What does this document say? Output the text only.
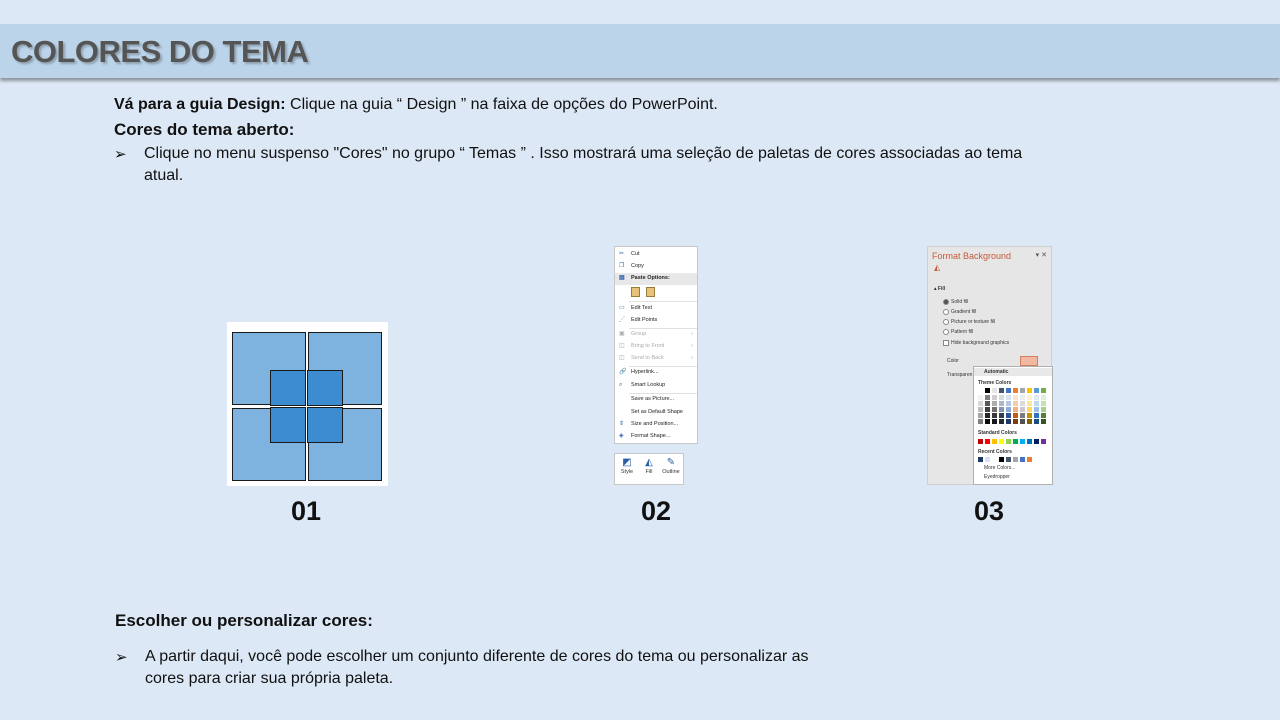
COLORES DO TEMA
Vá para a guia Design: Clique na guia “ Design ” na faixa de opções do PowerPoint.
Cores do tema aberto:
➢ Clique no menu suspenso "Cores" no grupo “ Temas ” . Isso mostrará uma seleção de paletas de cores associadas ao tema
atual.
✂	Cut
❐ Copy
▤ Paste Options:
▭ Edit Text
⋰ Edit Points
▣ Group	›
◫ Bring to Front	›
◫ Send to Back	›
🔗 Hyperlink...
⌕	Smart Lookup
Save as Picture...
Set as Default Shape
⇕	Size and Position...
◈	Format Shape...
◩
Style
◭
Fill
✎
Outline
Format Background	▾ ✕
◭
▴ Fill
Solid fill
Gradient fill
Picture or texture fill
Pattern fill
Hide background graphics
Color
Transparen Automatic
Theme Colors
Standard Colors
Recent Colors
More Colors...
Eyedropper
01	02	03
Escolher ou personalizar cores:
➢ A partir daqui, você pode escolher um conjunto diferente de cores do tema ou personalizar as
cores para criar sua própria paleta.
